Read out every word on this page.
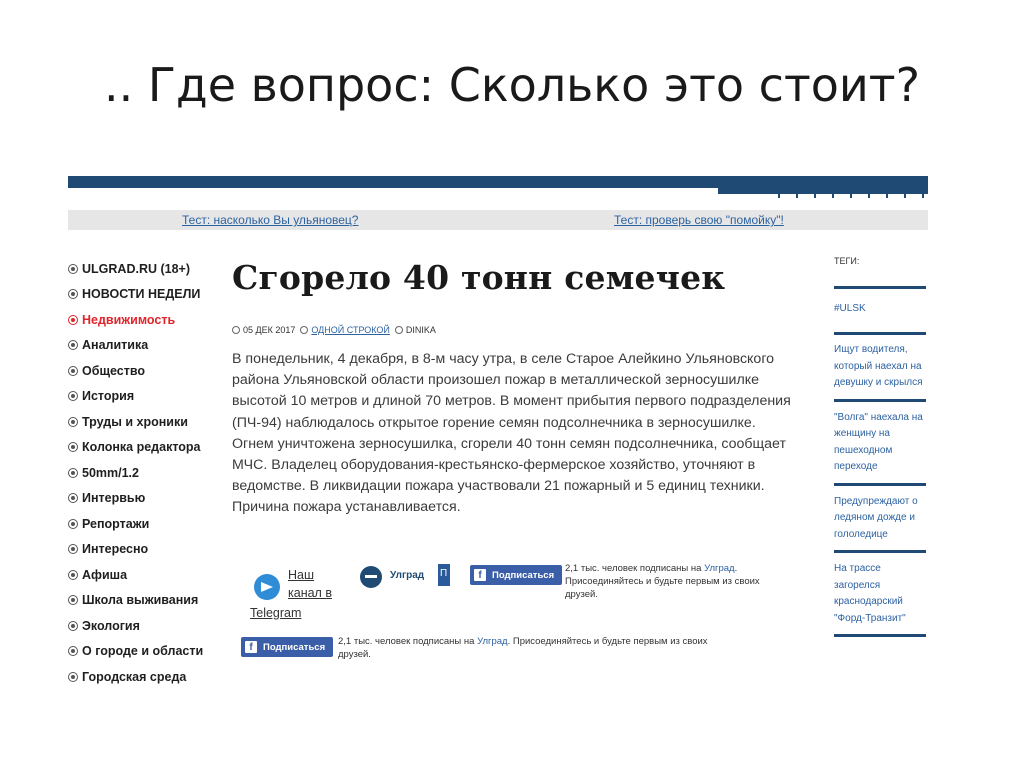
.. Где вопрос: Сколько это стоит?
Тест: насколько Вы ульяновец?	Тест: проверь свою "помойку"!
ULGRAD.RU (18+)
НОВОСТИ НЕДЕЛИ
Недвижимость
Аналитика
Общество
История
Труды и хроники
Колонка редактора
50mm/1.2
Интервью
Репортажи
Интересно
Афиша
Школа выживания
Экология
О городе и области
Городская среда
Сгорело 40 тонн семечек
05 ДЕК 2017 ОДНОЙ СТРОКОЙ DINIKA

В понедельник, 4 декабря, в 8-м часу утра, в селе Старое Алейкино Ульяновского района Ульяновской области произошел пожар в металлической зерносушилке высотой 10 метров и длиной 70 метров. В момент прибытия первого подразделения (ПЧ-94) наблюдалось открытое горение семян подсолнечника в зерносушилке. Огнем уничтожена зерносушилка, сгорели 40 тонн семян подсолнечника, сообщает МЧС. Владелец оборудования-крестьянско-фермерское хозяйство, уточняют в ведомстве. В ликвидации пожара участвовали 21 пожарный и 5 единиц техники. Причина пожара устанавливается.

Наш канал в
Telegram
Улград
П	f	Подписаться
2,1 тыс. человек подписаны на Улград. Присоединяйтесь и будьте первым из своих друзей.
f	Подписаться 2,1 тыс. человек подписаны на Улград. Присоединяйтесь и будьте первым из своих друзей.
ТЕГИ:
#ULSK
Ищут водителя, который наехал на девушку и скрылся
"Волга" наехала на женщину на пешеходном переходе
Предупреждают о ледяном дожде и гололедице
На трассе загорелся краснодарский "Форд-Транзит"
